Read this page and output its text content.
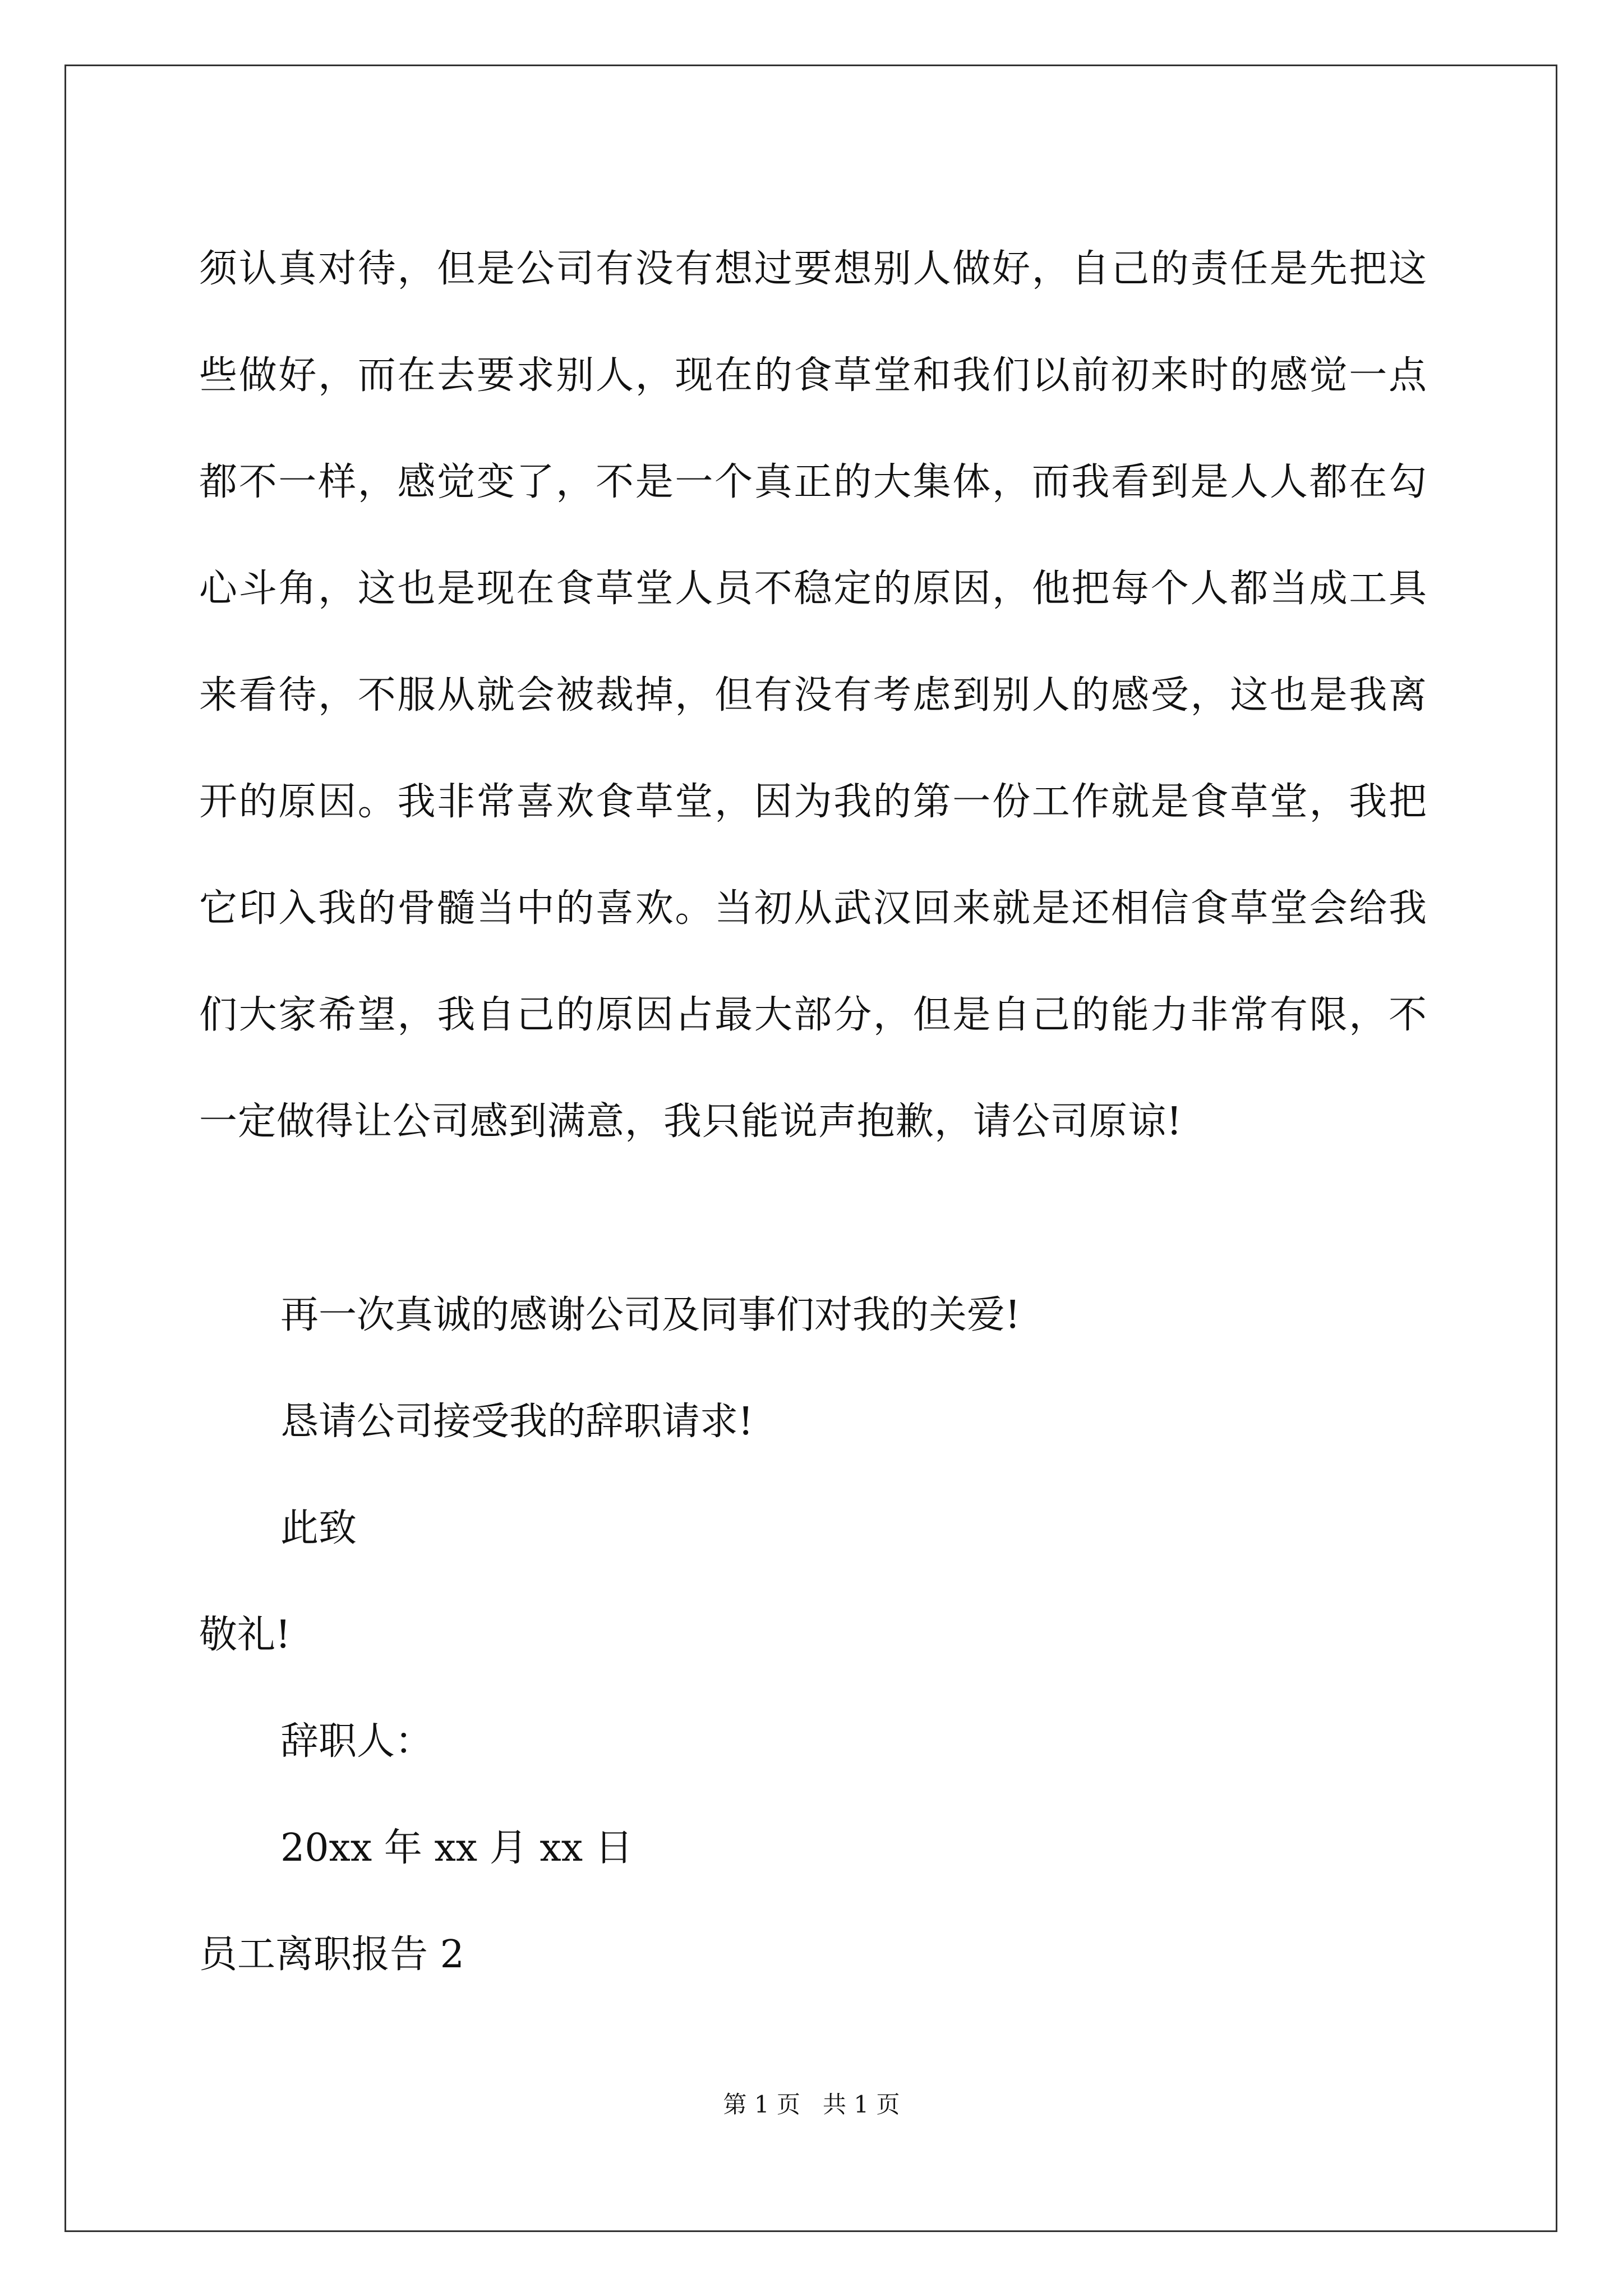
须认真对待，但是公司有没有想过要想别人做好，自己的责任是先把这些做好，而在去要求别人，现在的食草堂和我们以前初来时的感觉一点都不一样，感觉变了，不是一个真正的大集体，而我看到是人人都在勾心斗角，这也是现在食草堂人员不稳定的原因，他把每个人都当成工具来看待，不服从就会被裁掉，但有没有考虑到别人的感受，这也是我离开的原因。我非常喜欢食草堂，因为我的第一份工作就是食草堂，我把它印入我的骨髓当中的喜欢。当初从武汉回来就是还相信食草堂会给我们大家希望，我自己的原因占最大部分，但是自己的能力非常有限，不一定做得让公司感到满意，我只能说声抱歉，请公司原谅!

再一次真诚的感谢公司及同事们对我的关爱!

恳请公司接受我的辞职请求!

此致

敬礼!

辞职人：

20xx 年 xx 月 xx 日

员工离职报告 2

第 1 页   共 1 页
